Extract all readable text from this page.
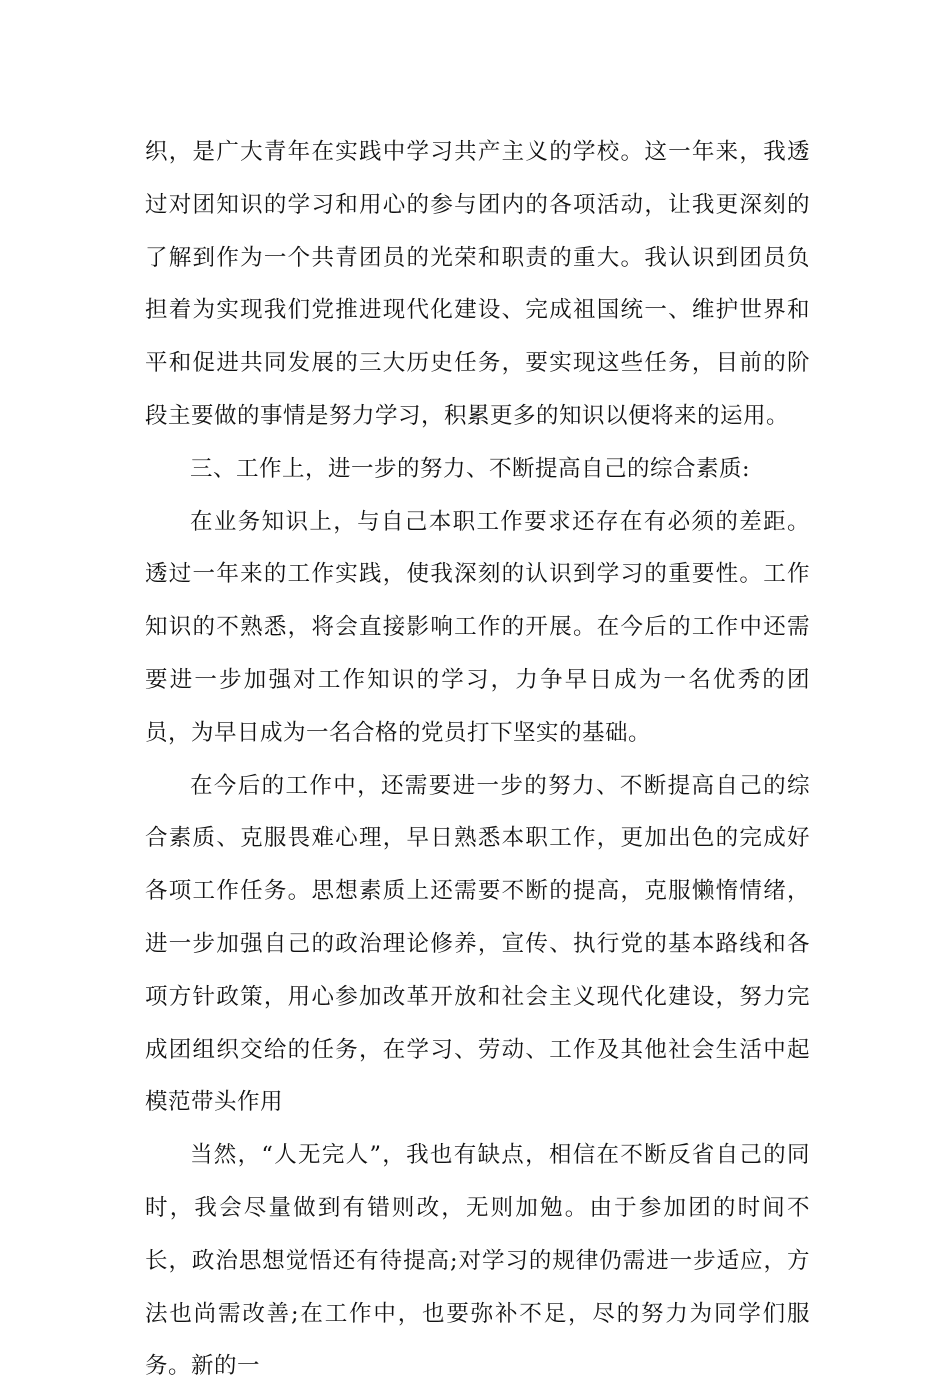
织，是广大青年在实践中学习共产主义的学校。这一年来，我透过对团知识的学习和用心的参与团内的各项活动，让我更深刻的了解到作为一个共青团员的光荣和职责的重大。我认识到团员负担着为实现我们党推进现代化建设、完成祖国统一、维护世界和平和促进共同发展的三大历史任务，要实现这些任务，目前的阶段主要做的事情是努力学习，积累更多的知识以便将来的运用。

三、工作上，进一步的努力、不断提高自己的综合素质:

在业务知识上，与自己本职工作要求还存在有必须的差距。透过一年来的工作实践，使我深刻的认识到学习的重要性。工作知识的不熟悉，将会直接影响工作的开展。在今后的工作中还需要进一步加强对工作知识的学习，力争早日成为一名优秀的团员，为早日成为一名合格的党员打下坚实的基础。

在今后的工作中，还需要进一步的努力、不断提高自己的综合素质、克服畏难心理，早日熟悉本职工作，更加出色的完成好各项工作任务。思想素质上还需要不断的提高，克服懒惰情绪，进一步加强自己的政治理论修养，宣传、执行党的基本路线和各项方针政策，用心参加改革开放和社会主义现代化建设，努力完成团组织交给的任务，在学习、劳动、工作及其他社会生活中起模范带头作用

当然，“人无完人”，我也有缺点，相信在不断反省自己的同时，我会尽量做到有错则改，无则加勉。由于参加团的时间不长，政治思想觉悟还有待提高;对学习的规律仍需进一步适应，方法也尚需改善;在工作中，也要弥补不足，尽的努力为同学们服务。新的一
